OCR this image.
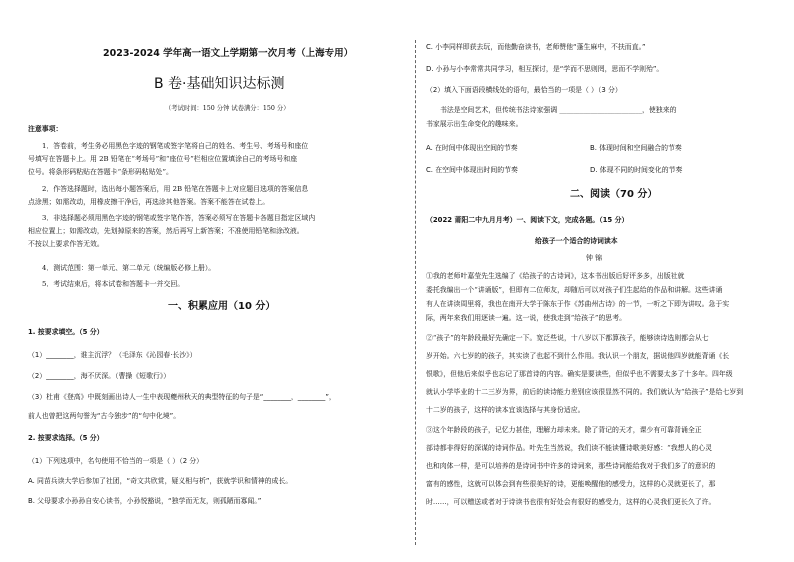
2023-2024 学年高一语文上学期第一次月考（上海专用）
B 卷·基础知识达标测
（考试时间：150 分钟 试卷满分：150 分）
注意事项：
1．答卷前，考生务必用黑色字迹的钢笔或签字笔将自己的姓名、考生号、考场号和座位
号填写在答题卡上。用 2B 铅笔在“考场号”和“座位号”栏相应位置填涂自己的考场号和座
位号。将条形码粘贴在答题卡“条形码粘贴处”。
2．作答选择题时，选出每小题答案后，用 2B 铅笔在答题卡上对应题目选项的答案信息
点涂黑；如需改动，用橡皮擦干净后，再选涂其他答案。答案不能答在试卷上。
3．非选择题必须用黑色字迹的钢笔或签字笔作答，答案必须写在答题卡各题目指定区域内
相应位置上；如需改动，先划掉原来的答案，然后再写上新答案；不准使用铅笔和涂改液。
不按以上要求作答无效。
4．测试范围：第一单元、第二单元（统编版必修上册）。
5．考试结束后，将本试卷和答题卡一并交回。
一、积累应用（10 分）
1. 按要求填空。（5 分）
（1）________，谁主沉浮？（毛泽东《沁园春·长沙》）
（2）________，海不厌深。（曹操《短歌行》）
（3）杜甫《登高》中既刻画出诗人一生中表现夔州秋天的典型特征的句子是“________，________”，
前人也曾把这两句誉为“古今独步”的“句中化境”。
2. 按要求选择。（5 分）
（1）下列选项中，名句使用不恰当的一项是（ ）（2 分）
A. 同苗兵读大学后参加了社团，“奇文共欣赏，疑义相与析”，获就学识和情神的成长。
B. 父母要求小孙孙自安心读书，小孙悦豁说，“独学而无友，则孤陋而寡闻。”
C. 小李同样即获去玩，而他勤奋读书，老师赞他“蓬生麻中，不扶而直。”
D. 小孙与小李常常共同学习，相互探讨，是“学而不思则罔，思而不学则殆”。
（2）填入下面语段横线处的语句，最恰当的一项是（ ）（3 分）
书法是空间艺术，但传统书法诗家强调 ________________________，使独来的
书家展示出生命变化的趣味来。
A. 在时间中体现出空间的节奏	B. 体现时间和空间融合的节奏
C. 在空间中体现出时间的节奏	D. 体现不同的时间变化的节奏
二、阅读（70 分）
（2022 莆阳二中九月月考）一、阅读下文，完成各题。（15 分）
给孩子一个适合的诗词读本
钟 锦
①我的老师叶嘉莹先生选编了《给孩子的古诗词》，这本书出版后好评多多，出版社就
委托我编出一个“讲诵版”，但即有二位师友，却随后可以对孩子们生起给的作品和讲解。这些讲诵
有人在讲读周里将，我也在南开大学于陈东于作《苏曲州古诗》的一节，一听之下即为讲叹。急于实
际，两年来我们用逐读一遍。这一说，使我走到“给孩子”的思考。
②“孩子”的年龄段最好先确定一下。宽泛些说，十八岁以下都算孩子，能够读诗选则都会从七
岁开始。六七岁的的孩子，其实读了也起不到什么作用。我认识一个朋友，据说他四岁就能背诵《长
恨歌》，但他后来似乎也忘记了那首诗的内容。确实是要读些，但似乎也不需要太多了十多年。四年级
就认小学毕业的十二三岁为界，前后的读诗能力差别应该很显然不同的。我们就认为“给孩子”是给七岁到
十二岁的孩子，这样的读本宜该选择与其身份适应。
③这个年龄段的孩子，记忆力甚佳，理解力却未来。除了背记的天才，课少有可靠背诵全正
部诗都非得好的深谋的诗词作品。叶先生当然说，我们读不能读懂诗歌美好感：“我想人的心灵
也和肉体一样，是可以培养的是诗词书中许多的诗词来，那些诗词能给我对于我们多了的意识的
富有的感性，这就可以体会到有些很美好的诗，更能唤醒他的感受力，这样的心灵就更长了，那
时……，可以赠送或者对于诗读书也很有好处会有很好的感受力，这样的心灵我们更长久了许。
